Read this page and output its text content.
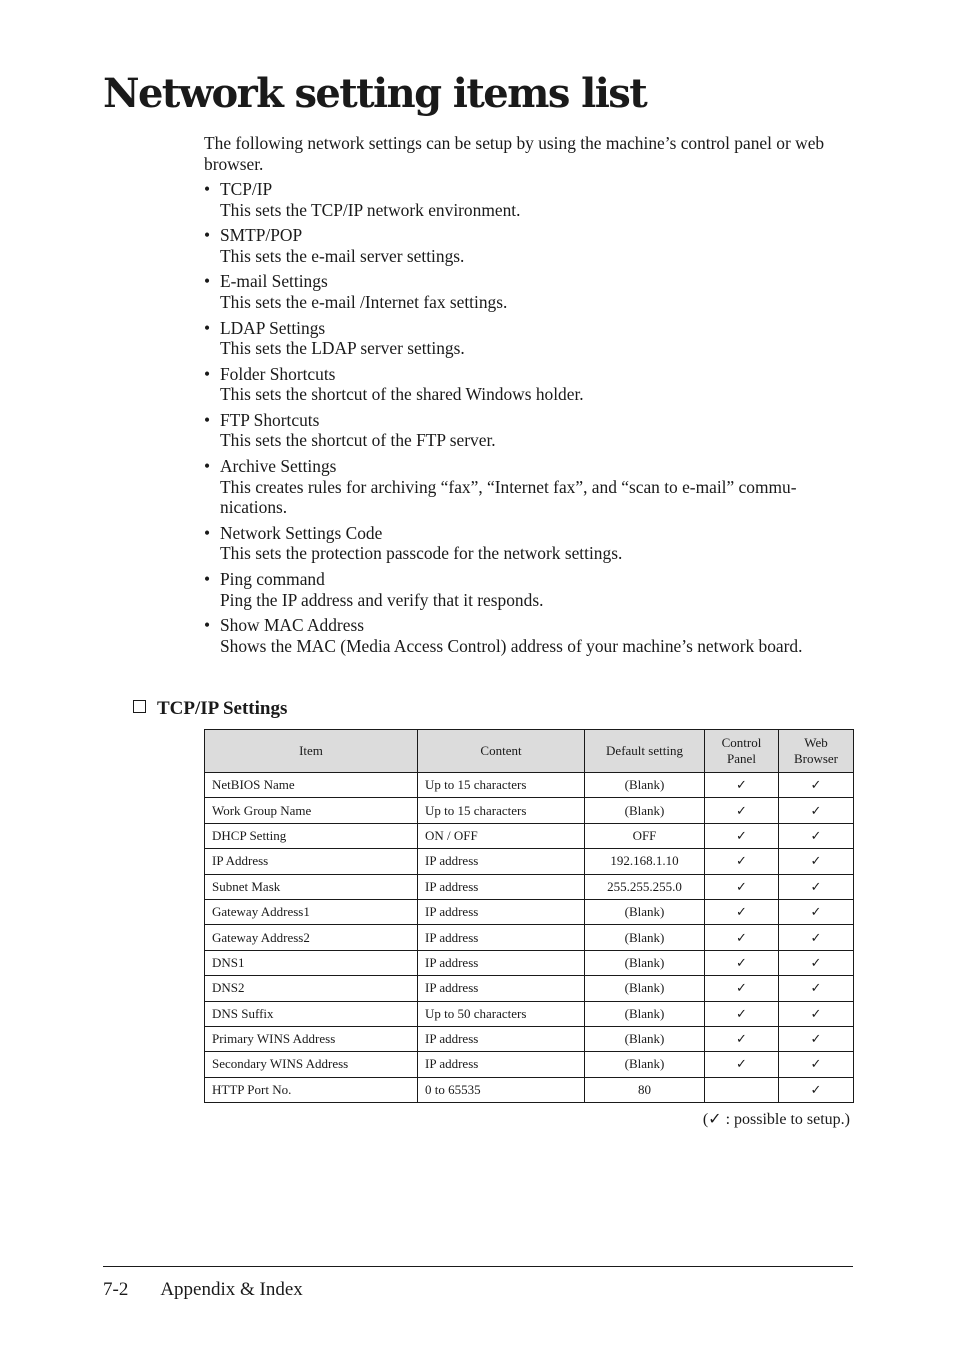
Network setting items list

The following network settings can be setup by using the machine’s control panel or web browser.

• TCP/IP
This sets the TCP/IP network environment.
• SMTP/POP
This sets the e-mail server settings.
• E-mail Settings
This sets the e-mail /Internet fax settings.
• LDAP Settings
This sets the LDAP server settings.
• Folder Shortcuts
This sets the shortcut of the shared Windows holder.
• FTP Shortcuts
This sets the shortcut of the FTP server.
• Archive Settings
This creates rules for archiving “fax”, “Internet fax”, and “scan to e-mail” commu- nications.
• Network Settings Code
This sets the protection passcode for the network settings.
• Ping command
Ping the IP address and verify that it responds.
• Show MAC Address
Shows the MAC (Media Access Control) address of your machine’s network board.
TCP/IP Settings
Item	Content	Default setting	Control Panel	Web Browser
NetBIOS Name	Up to 15 characters	(Blank)	✓	✓
Work Group Name	Up to 15 characters	(Blank)	✓	✓
DHCP Setting	ON / OFF	OFF	✓	✓
IP Address	IP address	192.168.1.10	✓	✓
Subnet Mask	IP address	255.255.255.0	✓	✓
Gateway Address1	IP address	(Blank)	✓	✓
Gateway Address2	IP address	(Blank)	✓	✓
DNS1	IP address	(Blank)	✓	✓
DNS2	IP address	(Blank)	✓	✓
DNS Suffix	Up to 50 characters	(Blank)	✓	✓
Primary WINS Address	IP address	(Blank)	✓	✓
Secondary WINS Address	IP address	(Blank)	✓	✓
HTTP Port No.	0 to 65535	80		✓
(✓ : possible to setup.)
7-2 Appendix & Index
